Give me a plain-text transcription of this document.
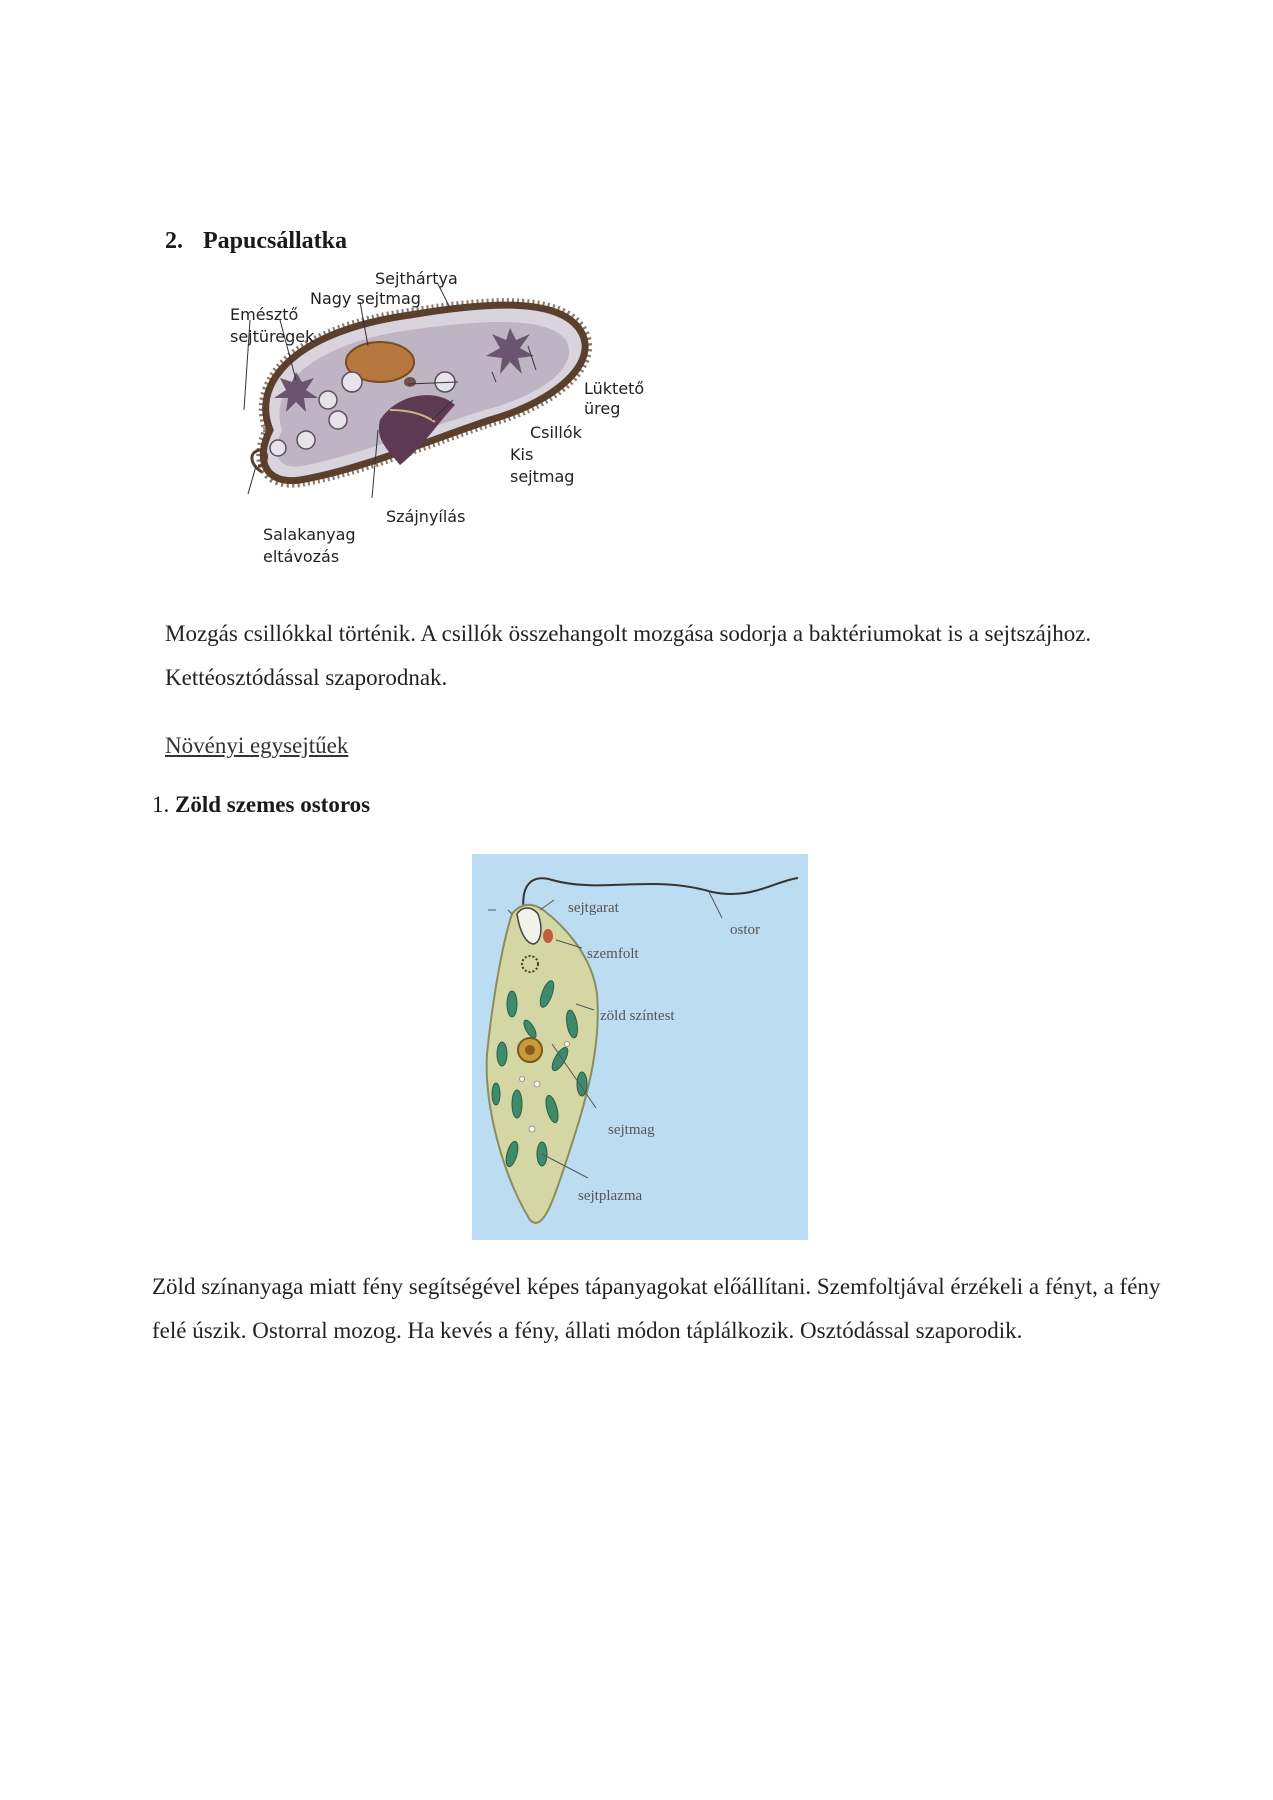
2. Papucsállatka
Sejthártya
Nagy sejtmag
Emésztő
sejtüregek
Lüktető
üreg
Csillók
Kis
sejtmag
Szájnyílás
Salakanyag
eltávozás
Mozgás csillókkal történik. A csillók összehangolt mozgása sodorja a baktériumokat is a sejtszájhoz. Kettéosztódással szaporodnak.
Növényi egysejtűek
1. Zöld szemes ostoros
sejtgarat
ostor
szemfolt
zöld színtest
sejtmag
sejtplazma
Zöld színanyaga miatt fény segítségével képes tápanyagokat előállítani. Szemfoltjával érzékeli a fényt, a fény felé úszik. Ostorral mozog. Ha kevés a fény, állati módon táplálkozik. Osztódással szaporodik.
